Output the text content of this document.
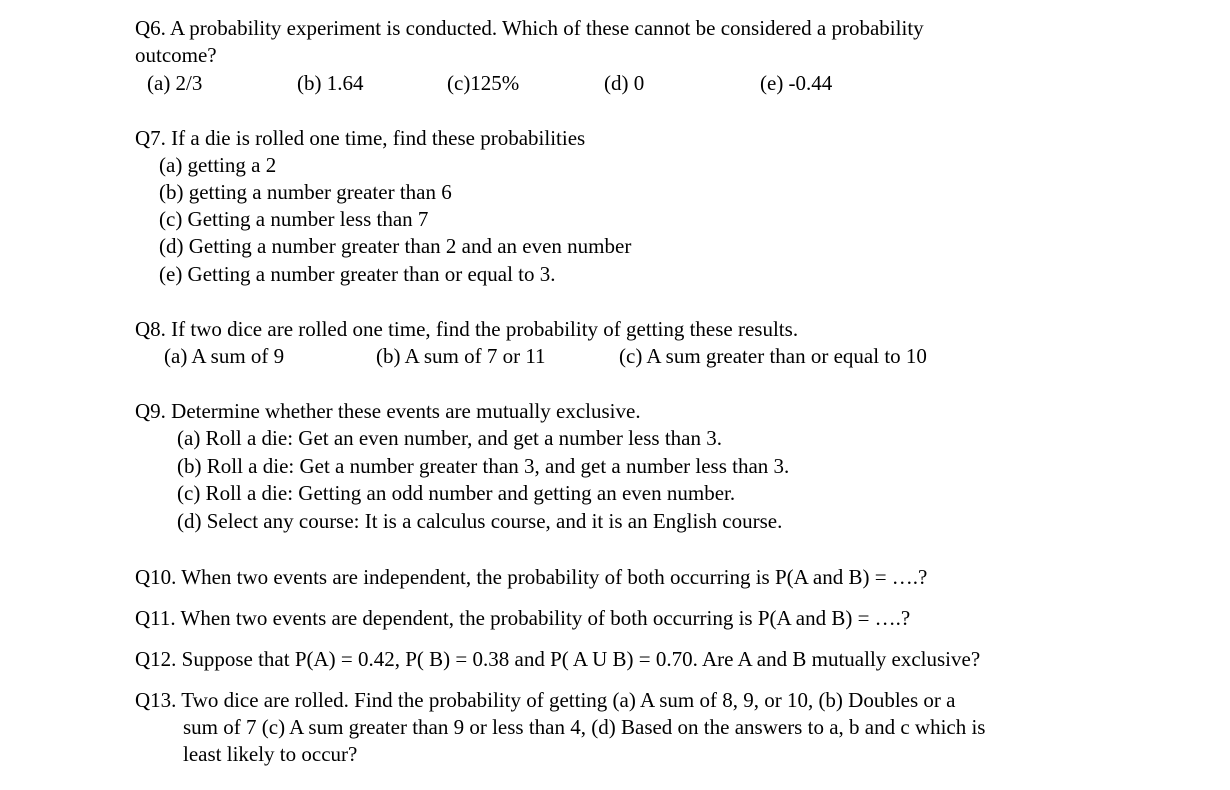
Q6. A probability experiment is conducted. Which of these cannot be considered a probability

outcome?

(a) 2/3	(b) 1.64	(c)125%	(d) 0	(e) -0.44

Q7. If a die is rolled one time, find these probabilities

(a) getting a 2

(b) getting a number greater than 6

(c) Getting a number less than 7

(d) Getting a number greater than 2 and an even number

(e) Getting a number greater than or equal to 3.

Q8. If two dice are rolled one time, find the probability of getting these results.

(a) A sum of 9	(b) A sum of 7 or 11	(c) A sum greater than or equal to 10

Q9. Determine whether these events are mutually exclusive.

(a) Roll a die: Get an even number, and get a number less than 3.

(b) Roll a die: Get a number greater than 3, and get a number less than 3.

(c) Roll a die: Getting an odd number and getting an even number.

(d) Select any course: It is a calculus course, and it is an English course.

Q10. When two events are independent, the probability of both occurring is P(A and B) = ….?

Q11. When two events are dependent, the probability of both occurring is P(A and B) = ….?

Q12. Suppose that P(A) = 0.42, P( B) = 0.38 and P( A U B) = 0.70. Are A and B mutually exclusive?

Q13. Two dice are rolled. Find the probability of getting (a) A sum of 8, 9, or 10, (b) Doubles or a

sum of 7 (c) A sum greater than 9 or less than 4, (d) Based on the answers to a, b and c which is

least likely to occur?
